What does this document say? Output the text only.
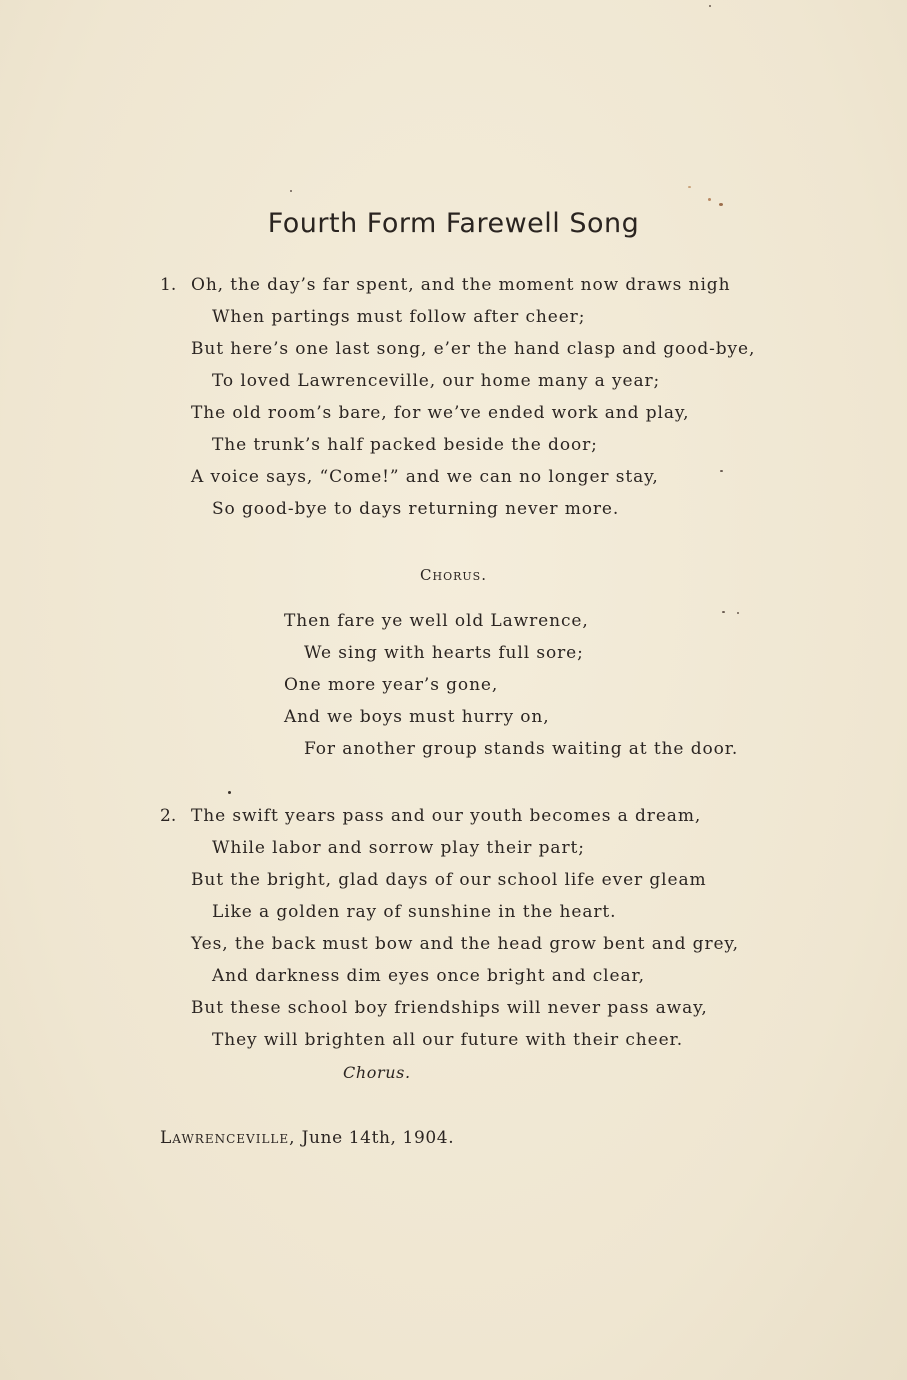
Fourth Form Farewell Song
1. Oh, the day’s far spent, and the moment now draws nigh
When partings must follow after cheer;
But here’s one last song, e’er the hand clasp and good-bye,
To loved Lawrenceville, our home many a year;
The old room’s bare, for we’ve ended work and play,
The trunk’s half packed beside the door;
A voice says, “Come!” and we can no longer stay,
So good-bye to days returning never more.
Chorus.
Then fare ye well old Lawrence,
We sing with hearts full sore;
One more year’s gone,
And we boys must hurry on,
For another group stands waiting at the door.
2. The swift years pass and our youth becomes a dream,
While labor and sorrow play their part;
But the bright, glad days of our school life ever gleam
Like a golden ray of sunshine in the heart.
Yes, the back must bow and the head grow bent and grey,
And darkness dim eyes once bright and clear,
But these school boy friendships will never pass away,
They will brighten all our future with their cheer.
Chorus.
Lawrenceville, June 14th, 1904.
